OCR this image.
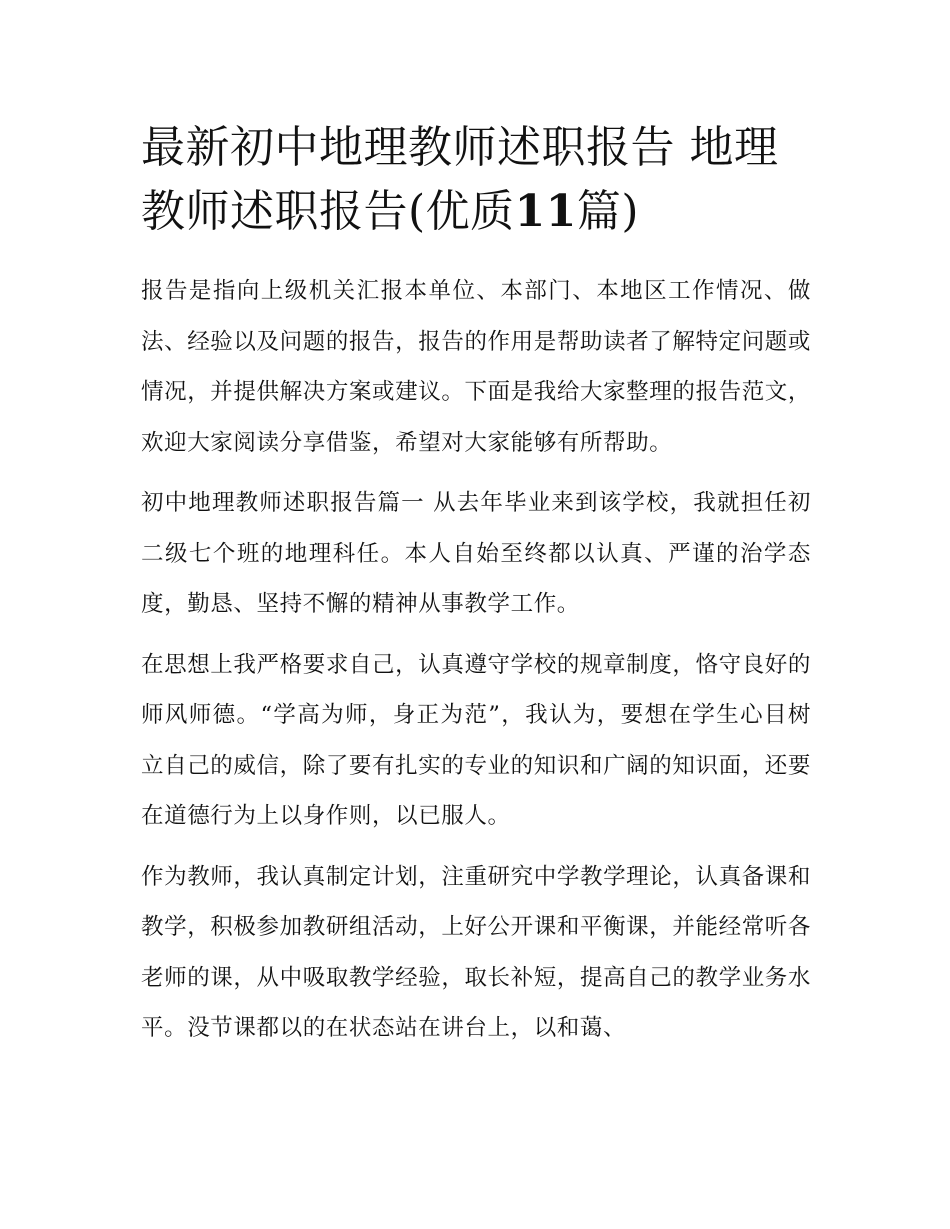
最新初中地理教师述职报告 地理教师述职报告(优质11篇)

报告是指向上级机关汇报本单位、本部门、本地区工作情况、做法、经验以及问题的报告，报告的作用是帮助读者了解特定问题或情况，并提供解决方案或建议。下面是我给大家整理的报告范文，欢迎大家阅读分享借鉴，希望对大家能够有所帮助。

初中地理教师述职报告篇一 从去年毕业来到该学校，我就担任初二级七个班的地理科任。本人自始至终都以认真、严谨的治学态度，勤恳、坚持不懈的精神从事教学工作。

在思想上我严格要求自己，认真遵守学校的规章制度，恪守良好的师风师德。“学高为师，身正为范”，我认为，要想在学生心目树立自己的威信，除了要有扎实的专业的知识和广阔的知识面，还要在道德行为上以身作则，以已服人。

作为教师，我认真制定计划，注重研究中学教学理论，认真备课和教学，积极参加教研组活动，上好公开课和平衡课，并能经常听各老师的课，从中吸取教学经验，取长补短，提高自己的教学业务水平。没节课都以的在状态站在讲台上，以和蔼、
